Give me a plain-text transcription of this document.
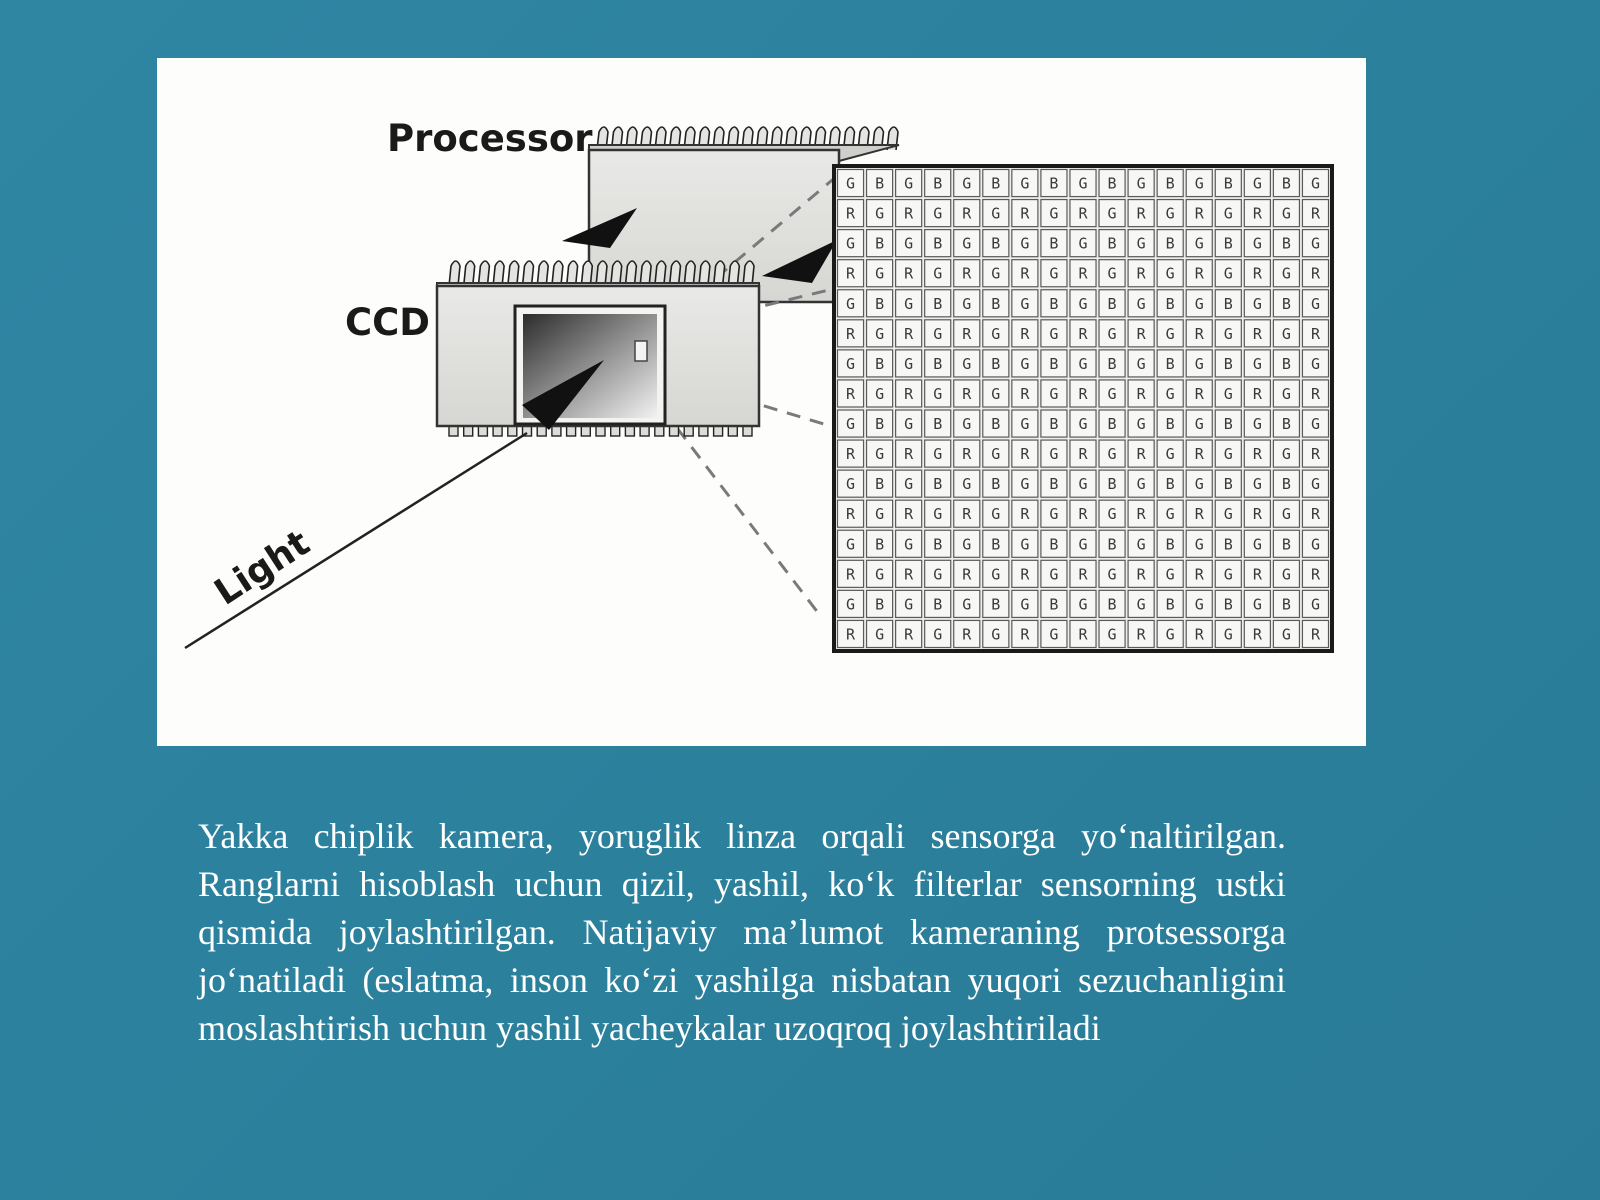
G B G B G B G B G B G B G B G B G
R G R G R G R G R G R G R G R G R
G B G B G B G B G B G B G B G B G
R G R G R G R G R G R G R G R G R
G B G B G B G B G B G B G B G B G
R G R G R G R G R G R G R G R G R
G B G B G B G B G B G B G B G B G
R G R G R G R G R G R G R G R G R
G B G B G B G B G B G B G B G B G
R G R G R G R G R G R G R G R G R
G B G B G B G B G B G B G B G B G
R G R G R G R G R G R G R G R G R
G B G B G B G B G B G B G B G B G
R G R G R G R G R G R G R G R G R
G B G B G B G B G B G B G B G B G
R G R G R G R G R G R G R G R G R
Processor
CCD
Light

Yakka chiplik kamera, yoruglik linza orqali sensorga yo‘naltirilgan. Ranglarni hisoblash uchun qizil, yashil, ko‘k filterlar sensorning ustki qismida joylashtirilgan. Natijaviy ma’lumot kameraning protsessorga jo‘natiladi (eslatma, inson ko‘zi yashilga nisbatan yuqori sezuchanligini moslashtirish uchun yashil yacheykalar uzoqroq joylashtiriladi
